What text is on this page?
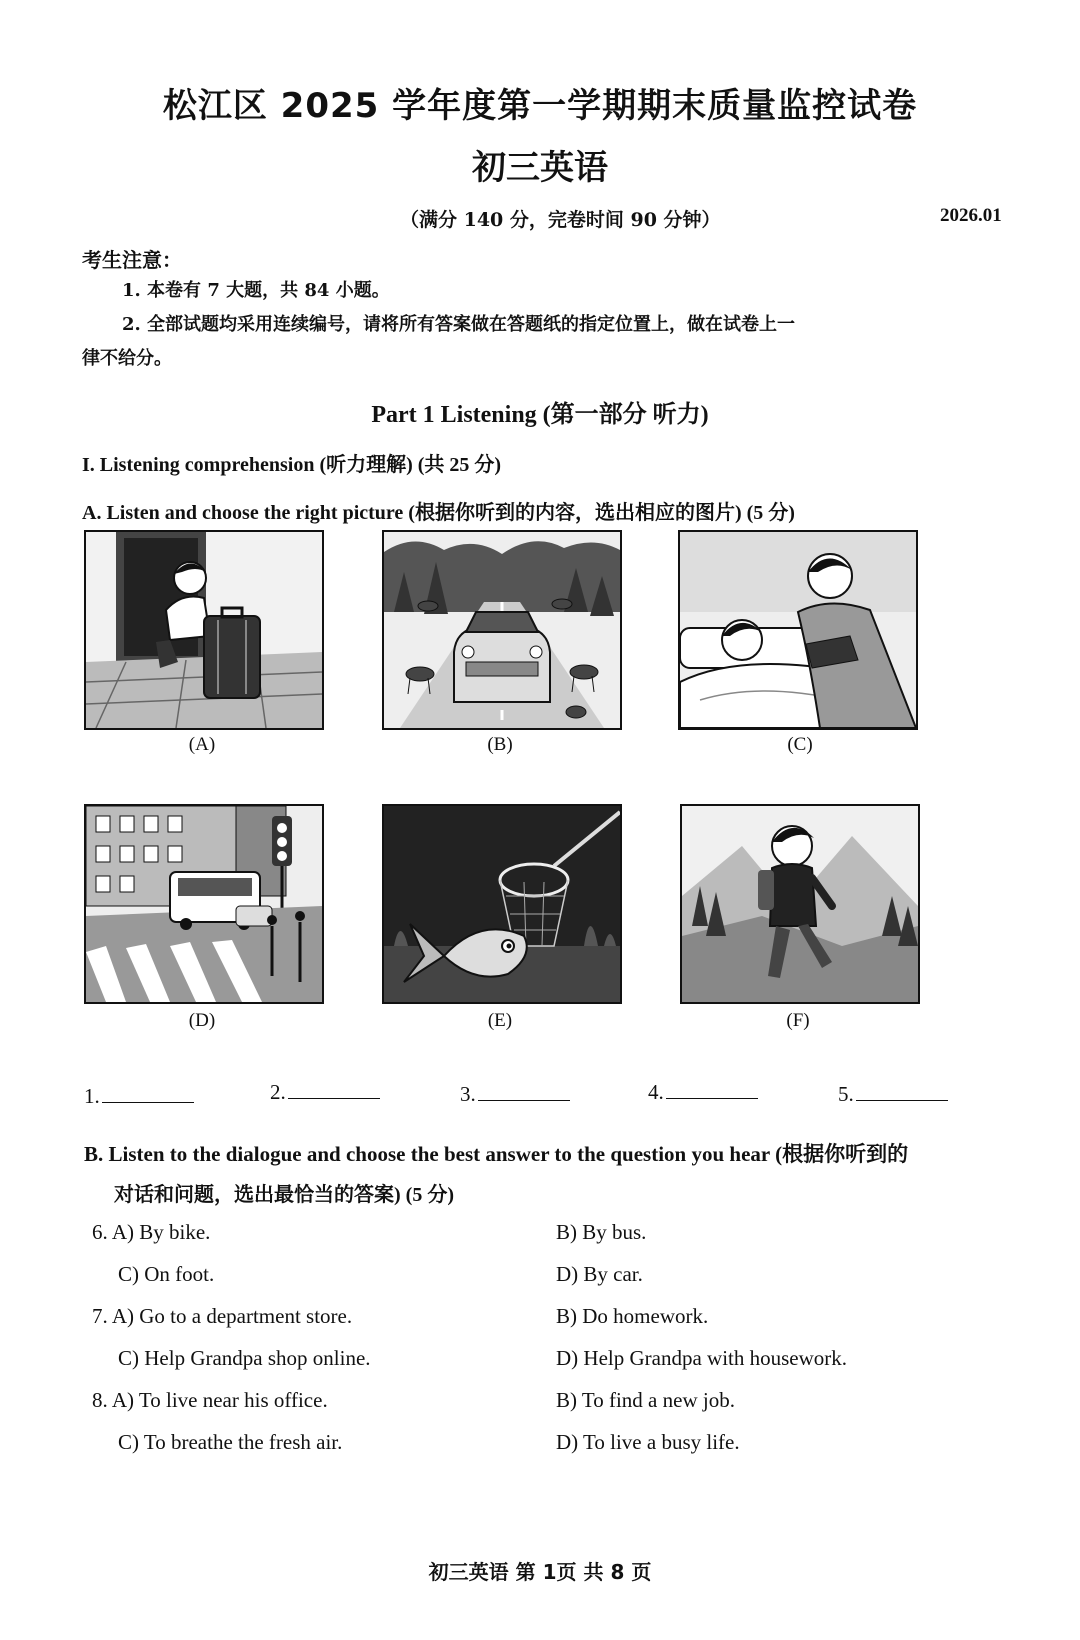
松江区 2025 学年度第一学期期末质量监控试卷
初三英语
（满分 140 分，完卷时间 90 分钟）	2026.01
考生注意：
1. 本卷有 7 大题，共 84 小题。
2. 全部试题均采用连续编号，请将所有答案做在答题纸的指定位置上，做在试卷上一
律不给分。
Part 1 Listening (第一部分 听力)
I. Listening comprehension (听力理解) (共 25 分)
A. Listen and choose the right picture (根据你听到的内容，选出相应的图片) (5 分)
(A)	(B)	(C)
(D)	(E)	(F)
1.	2.	3.	4.	5.
B. Listen to the dialogue and choose the best answer to the question you hear (根据你听到的
对话和问题，选出最恰当的答案) (5 分)
6. A) By bike.	B) By bus.
C) On foot.	D) By car.
7. A) Go to a department store.	B) Do homework.
C) Help Grandpa shop online.	D) Help Grandpa with housework.
8. A) To live near his office.	B) To find a new job.
C) To breathe the fresh air.	D) To live a busy life.
初三英语 第 1页 共 8 页
